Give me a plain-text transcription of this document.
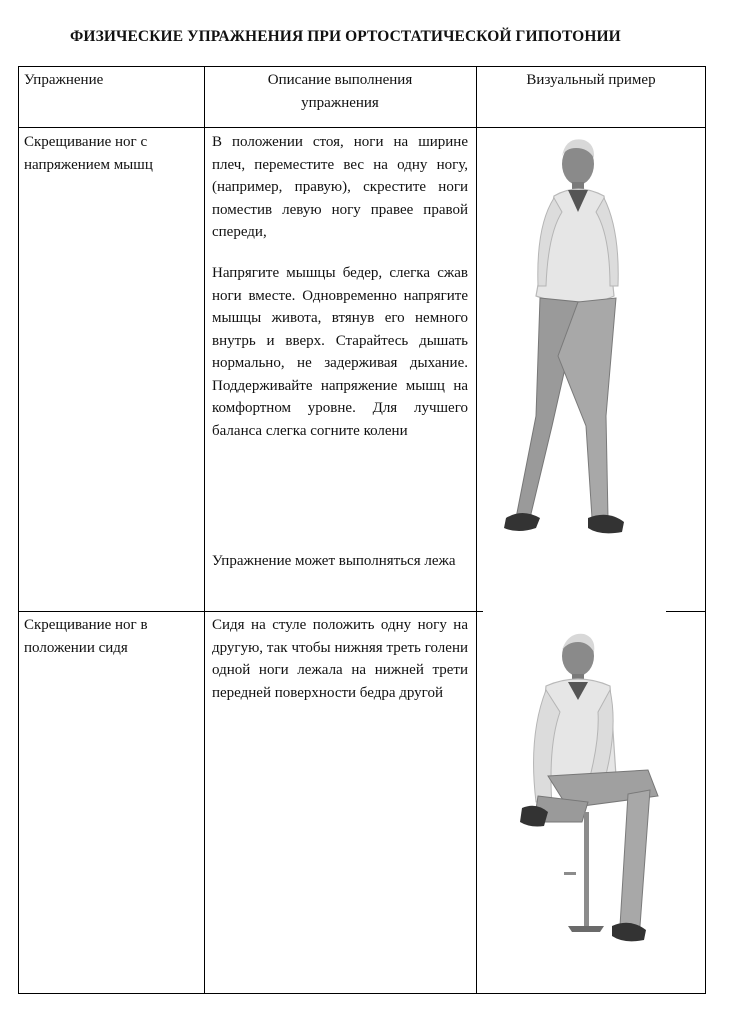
ФИЗИЧЕСКИЕ УПРАЖНЕНИЯ ПРИ ОРТОСТАТИЧЕСКОЙ ГИПОТОНИИ
Упражнение	Описание выполнения упражнения
Визуальный пример
Скрещивание ног с напряжением мышц
В положении стоя, ноги на ширине плеч, переместите вес на одну ногу, (например, правую), скрестите ноги поместив левую ногу правее правой спереди,
Напрягите мышцы бедер, слегка сжав ноги вместе. Одновременно напрягите мышцы живота, втянув его немного внутрь и вверх. Старайтесь дышать нормально, не задерживая дыхание. Поддерживайте напряжение мышц на комфортном уровне. Для лучшего баланса слегка согните колени
Упражнение может выполняться лежа
Скрещивание ног в положении сидя
Сидя на стуле положить одну ногу на другую, так чтобы нижняя треть голени одной ноги лежала на нижней трети передней поверхности бедра другой
